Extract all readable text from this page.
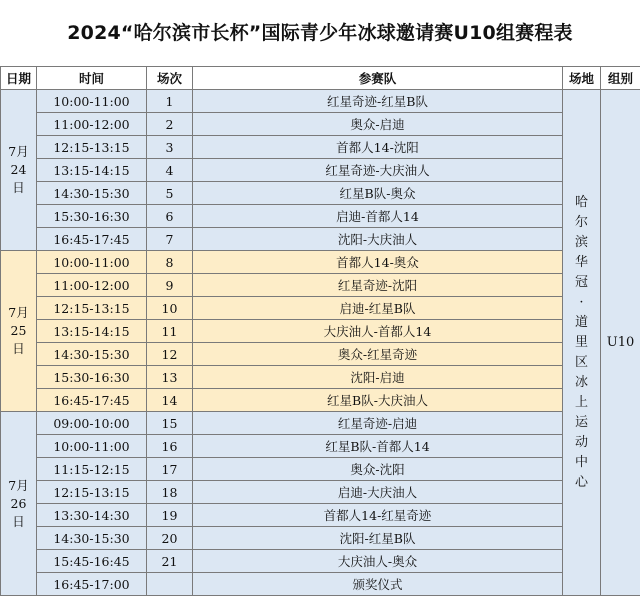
2024“哈尔滨市长杯”国际青少年冰球邀请赛U10组赛程表
日期	时间	场次	参赛队	场地	组别
7月24日	10:00-11:00	1	红星奇迹-红星B队	哈尔滨华冠·道里区冰上运动中心	U10
	11:00-12:00	2	奥众-启迪		
	12:15-13:15	3	首都人14-沈阳		
	13:15-14:15	4	红星奇迹-大庆油人		
	14:30-15:30	5	红星B队-奥众		
	15:30-16:30	6	启迪-首都人14		
	16:45-17:45	7	沈阳-大庆油人		
7月25日	10:00-11:00	8	首都人14-奥众		
	11:00-12:00	9	红星奇迹-沈阳		
	12:15-13:15	10	启迪-红星B队		
	13:15-14:15	11	大庆油人-首都人14		
	14:30-15:30	12	奥众-红星奇迹		
	15:30-16:30	13	沈阳-启迪		
	16:45-17:45	14	红星B队-大庆油人		
7月26日	09:00-10:00	15	红星奇迹-启迪		
	10:00-11:00	16	红星B队-首都人14		
	11:15-12:15	17	奥众-沈阳		
	12:15-13:15	18	启迪-大庆油人		
	13:30-14:30	19	首都人14-红星奇迹		
	14:30-15:30	20	沈阳-红星B队		
	15:45-16:45	21	大庆油人-奥众		
	16:45-17:00		颁奖仪式		
